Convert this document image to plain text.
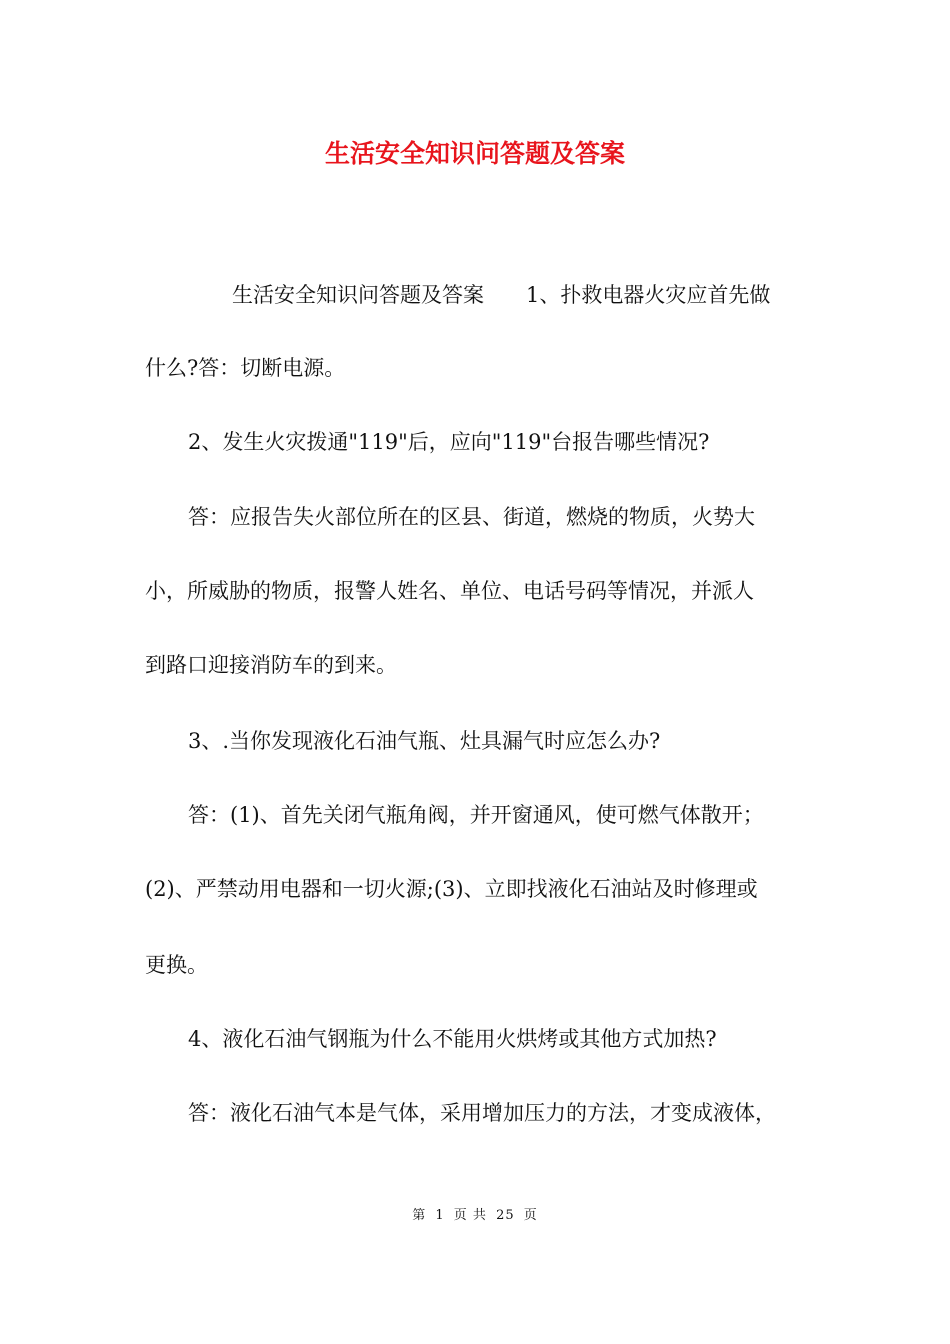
生活安全知识问答题及答案

生活安全知识问答题及答案　　1、扑救电器火灾应首先做

什么?答：切断电源。

2、发生火灾拨通"119"后，应向"119"台报告哪些情况?

答：应报告失火部位所在的区县、街道，燃烧的物质，火势大

小，所威胁的物质，报警人姓名、单位、电话号码等情况，并派人

到路口迎接消防车的到来。

3、.当你发现液化石油气瓶、灶具漏气时应怎么办?

答：(1)、首先关闭气瓶角阀，并开窗通风，使可燃气体散开；

(2)、严禁动用电器和一切火源;(3)、立即找液化石油站及时修理或

更换。

4、液化石油气钢瓶为什么不能用火烘烤或其他方式加热?

答：液化石油气本是气体，采用增加压力的方法，才变成液体，

第 1 页 共 25 页
